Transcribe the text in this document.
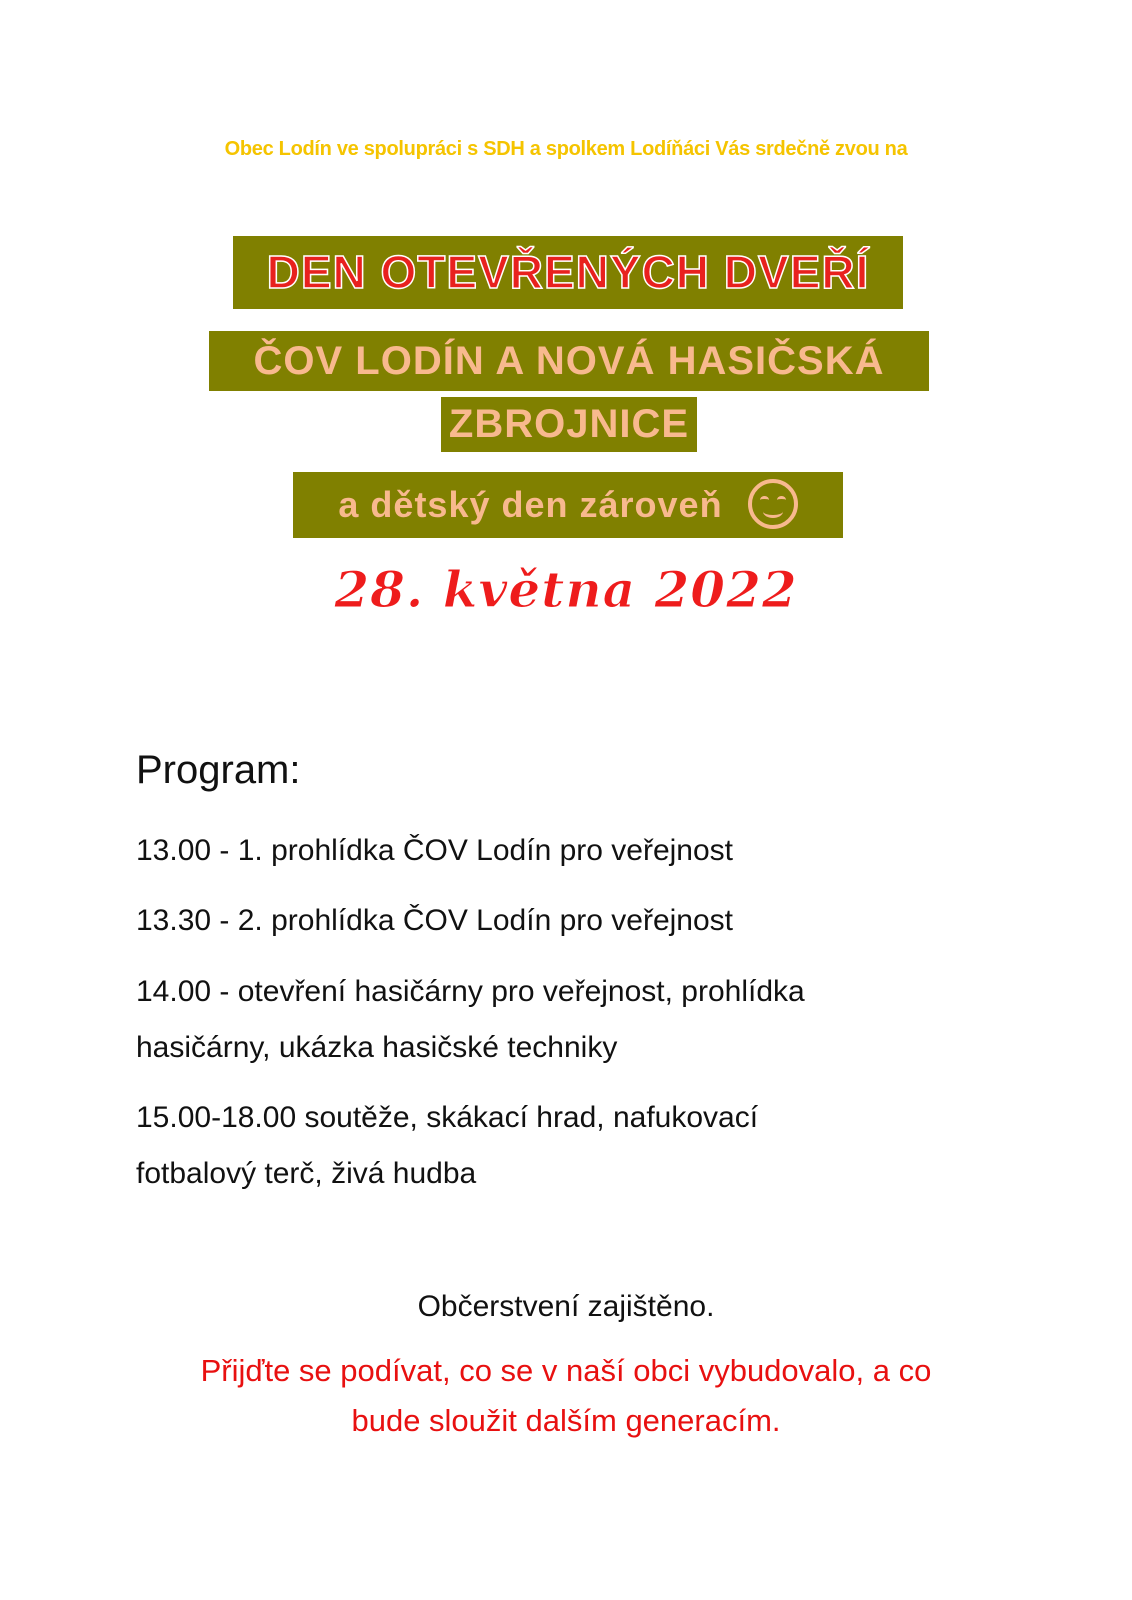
Obec Lodín ve spolupráci s SDH a spolkem Lodíňáci Vás srdečně zvou na
DEN OTEVŘENÝCH DVEŘÍ
ČOV LODÍN A NOVÁ HASIČSKÁ
ZBROJNICE
a dětský den zároveň
28. května 2022
Program:
13.00 - 1. prohlídka ČOV Lodín pro veřejnost
13.30 - 2. prohlídka ČOV Lodín pro veřejnost
14.00 - otevření hasičárny pro veřejnost, prohlídka
hasičárny, ukázka hasičské techniky
15.00-18.00 soutěže, skákací hrad, nafukovací
fotbalový terč, živá hudba
Občerstvení zajištěno.
Přijďte se podívat, co se v naší obci vybudovalo, a co
bude sloužit dalším generacím.
